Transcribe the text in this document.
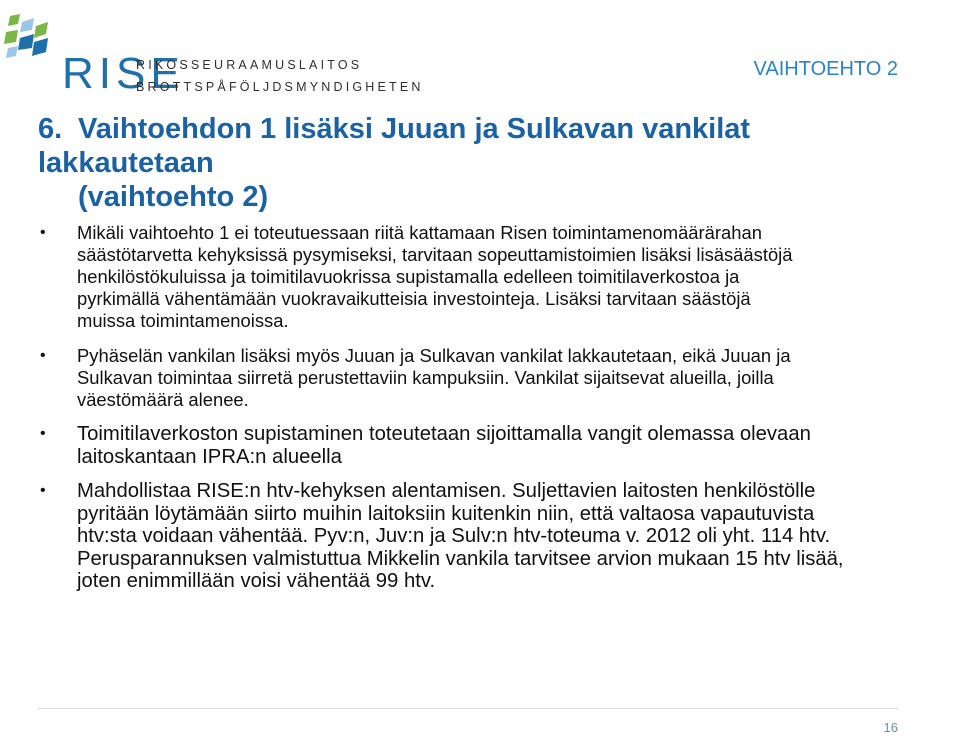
RISE
RIKOSSEURAAMUSLAITOS
BROTTSPÅFÖLJDSMYNDIGHETEN
VAIHTOEHTO 2
6. Vaihtoehdon 1 lisäksi Juuan ja Sulkavan vankilat lakkautetaan
(vaihtoehto 2)
• Mikäli vaihtoehto 1 ei toteutuessaan riitä kattamaan Risen toimintamenomäärärahan
säästötarvetta kehyksissä pysymiseksi, tarvitaan sopeuttamistoimien lisäksi lisäsäästöjä
henkilöstökuluissa ja toimitilavuokrissa supistamalla edelleen toimitilaverkostoa ja
pyrkimällä vähentämään vuokravaikutteisia investointeja. Lisäksi tarvitaan säästöjä
muissa toimintamenoissa.
• Pyhäselän vankilan lisäksi myös Juuan ja Sulkavan vankilat lakkautetaan, eikä Juuan ja
Sulkavan toimintaa siirretä perustettaviin kampuksiin. Vankilat sijaitsevat alueilla, joilla
väestömäärä alenee.
• Toimitilaverkoston supistaminen toteutetaan sijoittamalla vangit olemassa olevaan
laitoskantaan IPRA:n alueella
• Mahdollistaa RISE:n htv-kehyksen alentamisen. Suljettavien laitosten henkilöstölle
pyritään löytämään siirto muihin laitoksiin kuitenkin niin, että valtaosa vapautuvista
htv:sta voidaan vähentää. Pyv:n, Juv:n ja Sulv:n htv-toteuma v. 2012 oli yht. 114 htv.
Perusparannuksen valmistuttua Mikkelin vankila tarvitsee arvion mukaan 15 htv lisää,
joten enimmillään voisi vähentää 99 htv.
16
